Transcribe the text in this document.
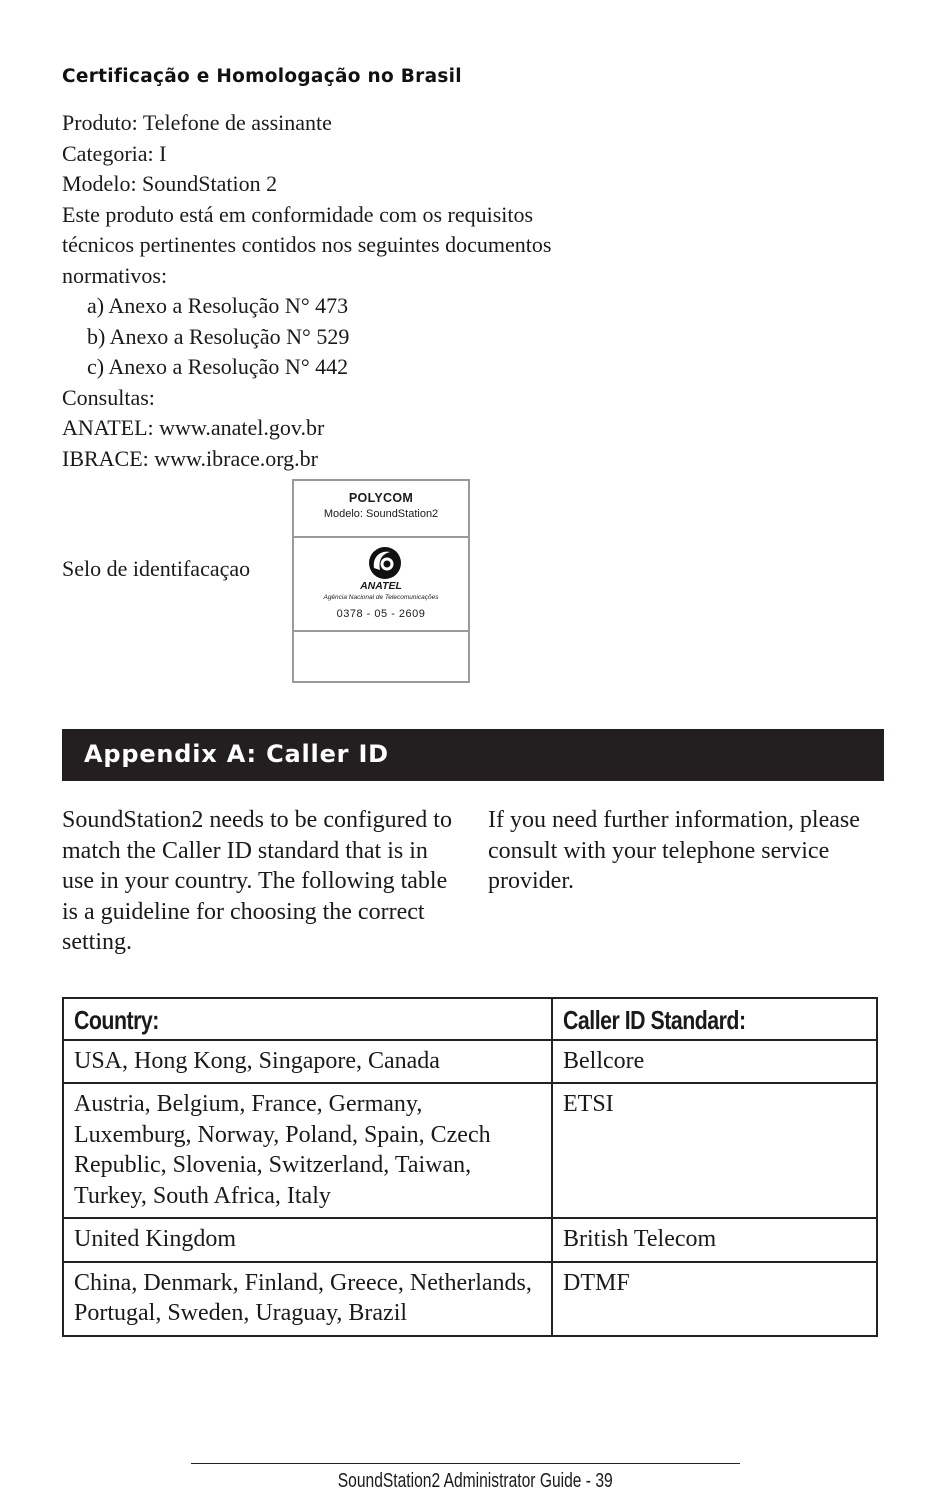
Certificação e Homologação no Brasil
Produto: Telefone de assinante
Categoria: I
Modelo: SoundStation 2
Este produto está em conformidade com os requisitos
técnicos pertinentes contidos nos seguintes documentos
normativos:
a) Anexo a Resolução N° 473
b) Anexo a Resolução N° 529
c) Anexo a Resolução N° 442
Consultas:
ANATEL: www.anatel.gov.br
IBRACE: www.ibrace.org.br
Selo de identifacaçao
POLYCOM
Modelo: SoundStation2
ANATEL
Agência Nacional de Telecomunicações
0378 - 05 - 2609
Appendix A: Caller ID
SoundStation2 needs to be configured to match the Caller ID standard that is in use in your country. The following table is a guideline for choosing the correct setting.
If you need further information, please consult with your telephone service provider.
Country:	Caller ID Standard:
USA, Hong Kong, Singapore, Canada	Bellcore
Austria, Belgium, France, Germany, Luxemburg, Norway, Poland, Spain, Czech Republic, Slovenia, Switzerland, Taiwan, Turkey, South Africa, Italy	ETSI
United Kingdom	British Telecom
China, Denmark, Finland, Greece, Netherlands, Portugal, Sweden, Uraguay, Brazil	DTMF
SoundStation2 Administrator Guide - 39
